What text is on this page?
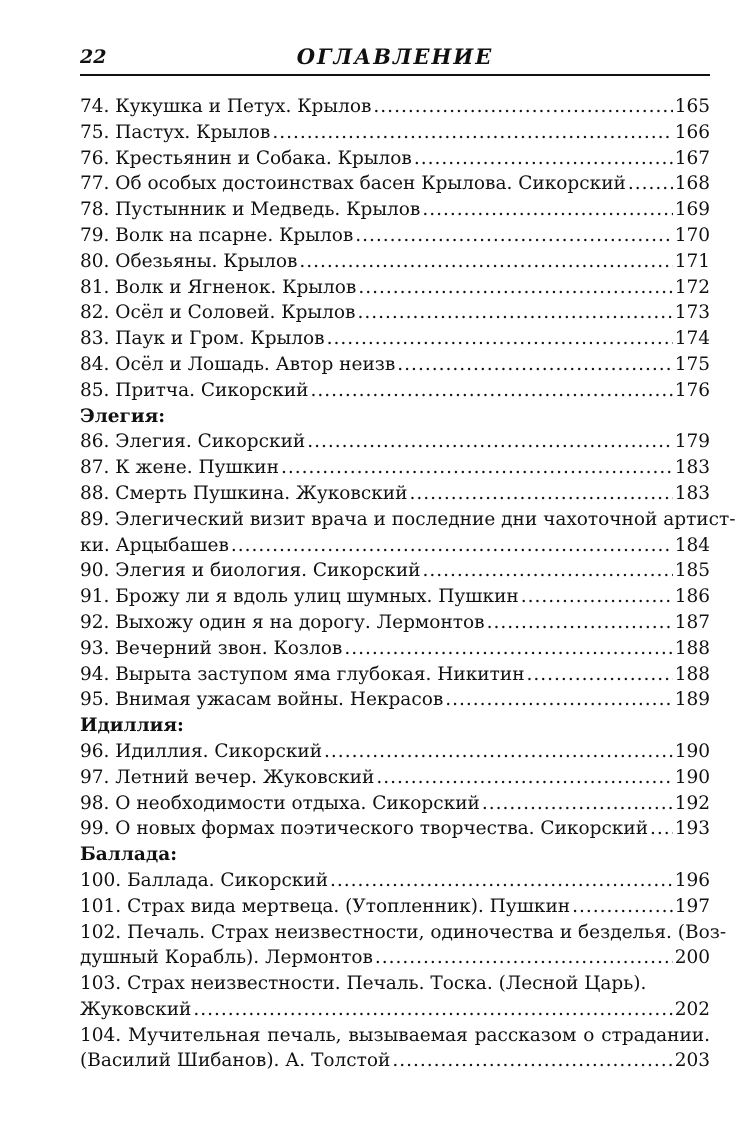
22	ОГЛАВЛЕНИЕ
74. Кукушка и Петух. Крылов .....	165
75. Пастух. Крылов .....	166
76. Крестьянин и Собака. Крылов .....	167
77. Об особых достоинствах басен Крылова. Сикорский .....	168
78. Пустынник и Медведь. Крылов .....	169
79. Волк на псарне. Крылов .....	170
80. Обезьяны. Крылов .....	171
81. Волк и Ягненок. Крылов .....	172
82. Осёл и Соловей. Крылов .....	173
83. Паук и Гром. Крылов .....	174
84. Осёл и Лошадь. Автор неизв .....	175
85. Притча. Сикорский .....	176
Элегия:
86. Элегия. Сикорский .....	179
87. К жене. Пушкин .....	183
88. Смерть Пушкина. Жуковский .....	183
89. Элегический визит врача и последние дни чахоточной артист-
ки. Арцыбашев .....	184
90. Элегия и биология. Сикорский .....	185
91. Брожу ли я вдоль улиц шумных. Пушкин .....	186
92. Выхожу один я на дорогу. Лермонтов .....	187
93. Вечерний звон. Козлов .....	188
94. Вырыта заступом яма глубокая. Никитин .....	188
95. Внимая ужасам войны. Некрасов .....	189
Идиллия:
96. Идиллия. Сикорский .....	190
97. Летний вечер. Жуковский .....	190
98. О необходимости отдыха. Сикорский .....	192
99. О новых формах поэтического творчества. Сикорский ..... 193
Баллада:
100. Баллада. Сикорский .....	196
101. Страх вида мертвеца. (Утопленник). Пушкин .....	197
102. Печаль. Страх неизвестности, одиночества и безделья. (Воз-
душный Корабль). Лермонтов .....	200
103. Страх неизвестности. Печаль. Тоска. (Лесной Царь).
Жуковский .....	202
104. Мучительная печаль, вызываемая рассказом о страдании.
(Василий Шибанов). А. Толстой .....	203
